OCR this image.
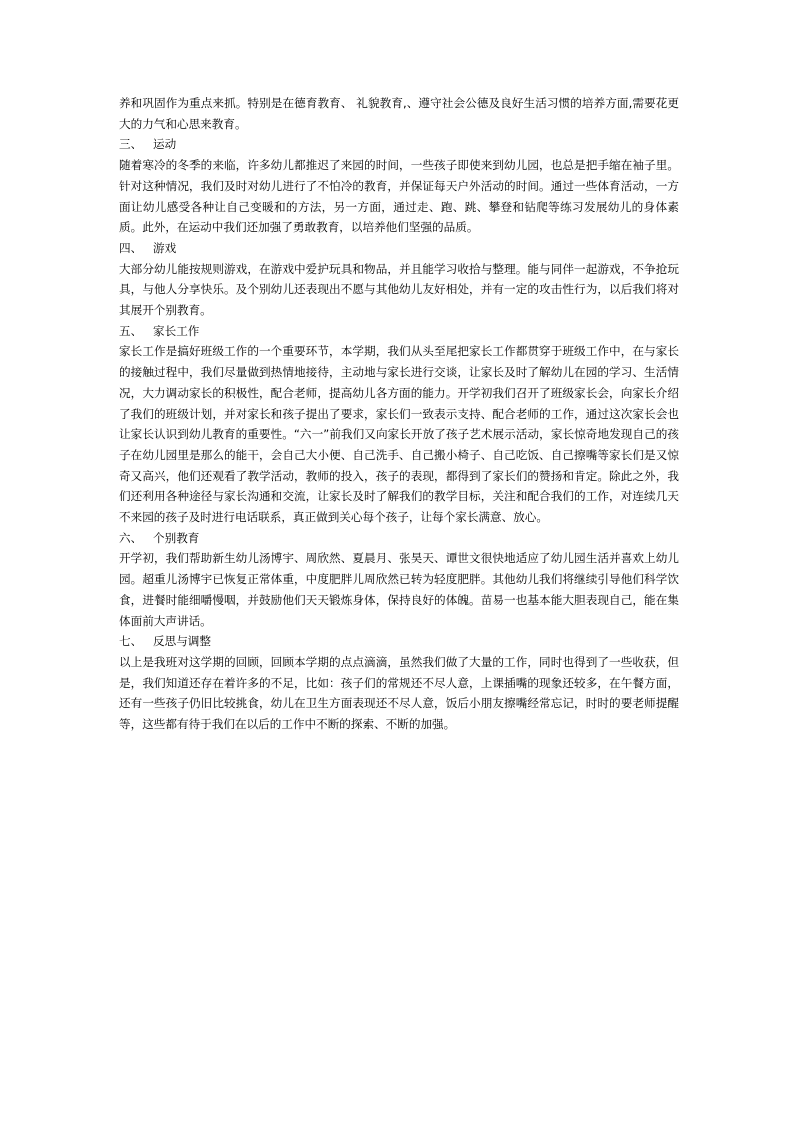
养和巩固作为重点来抓。特别是在德育教育、 礼貌教育,、遵守社会公德及良好生活习惯的培养方面,需要花更大的力气和心思来教育。

三、 运动

随着寒冷的冬季的来临，许多幼儿都推迟了来园的时间，一些孩子即使来到幼儿园，也总是把手缩在袖子里。针对这种情况，我们及时对幼儿进行了不怕冷的教育，并保证每天户外活动的时间。通过一些体育活动，一方面让幼儿感受各种让自己变暖和的方法，另一方面，通过走、跑、跳、攀登和钻爬等练习发展幼儿的身体素质。此外，在运动中我们还加强了勇敢教育，以培养他们坚强的品质。

四、 游戏

大部分幼儿能按规则游戏，在游戏中爱护玩具和物品，并且能学习收拾与整理。能与同伴一起游戏，不争抢玩具，与他人分享快乐。及个别幼儿还表现出不愿与其他幼儿友好相处，并有一定的攻击性行为，以后我们将对其展开个别教育。

五、 家长工作

家长工作是搞好班级工作的一个重要环节，本学期，我们从头至尾把家长工作都贯穿于班级工作中，在与家长的接触过程中，我们尽量做到热情地接待，主动地与家长进行交谈，让家长及时了解幼儿在园的学习、生活情况，大力调动家长的积极性，配合老师，提高幼儿各方面的能力。开学初我们召开了班级家长会，向家长介绍了我们的班级计划，并对家长和孩子提出了要求，家长们一致表示支持、配合老师的工作，通过这次家长会也让家长认识到幼儿教育的重要性。“六一”前我们又向家长开放了孩子艺术展示活动，家长惊奇地发现自己的孩子在幼儿园里是那么的能干，会自己大小便、自己洗手、自己搬小椅子、自己吃饭、自己擦嘴等家长们是又惊奇又高兴，他们还观看了教学活动，教师的投入，孩子的表现，都得到了家长们的赞扬和肯定。除此之外，我们还利用各种途径与家长沟通和交流，让家长及时了解我们的教学目标，关注和配合我们的工作，对连续几天不来园的孩子及时进行电话联系，真正做到关心每个孩子，让每个家长满意、放心。

六、 个别教育

开学初，我们帮助新生幼儿汤博宇、周欣然、夏晨月、张昊天、谭世文很快地适应了幼儿园生活并喜欢上幼儿园。超重儿汤博宇已恢复正常体重，中度肥胖儿周欣然已转为轻度肥胖。其他幼儿我们将继续引导他们科学饮食，进餐时能细嚼慢咽，并鼓励他们天天锻炼身体，保持良好的体魄。苗易一也基本能大胆表现自己，能在集体面前大声讲话。

七、 反思与调整

以上是我班对这学期的回顾，回顾本学期的点点滴滴，虽然我们做了大量的工作，同时也得到了一些收获，但是，我们知道还存在着许多的不足，比如：孩子们的常规还不尽人意，上课插嘴的现象还较多，在午餐方面，还有一些孩子仍旧比较挑食，幼儿在卫生方面表现还不尽人意，饭后小朋友擦嘴经常忘记，时时的要老师提醒等，这些都有待于我们在以后的工作中不断的探索、不断的加强。
